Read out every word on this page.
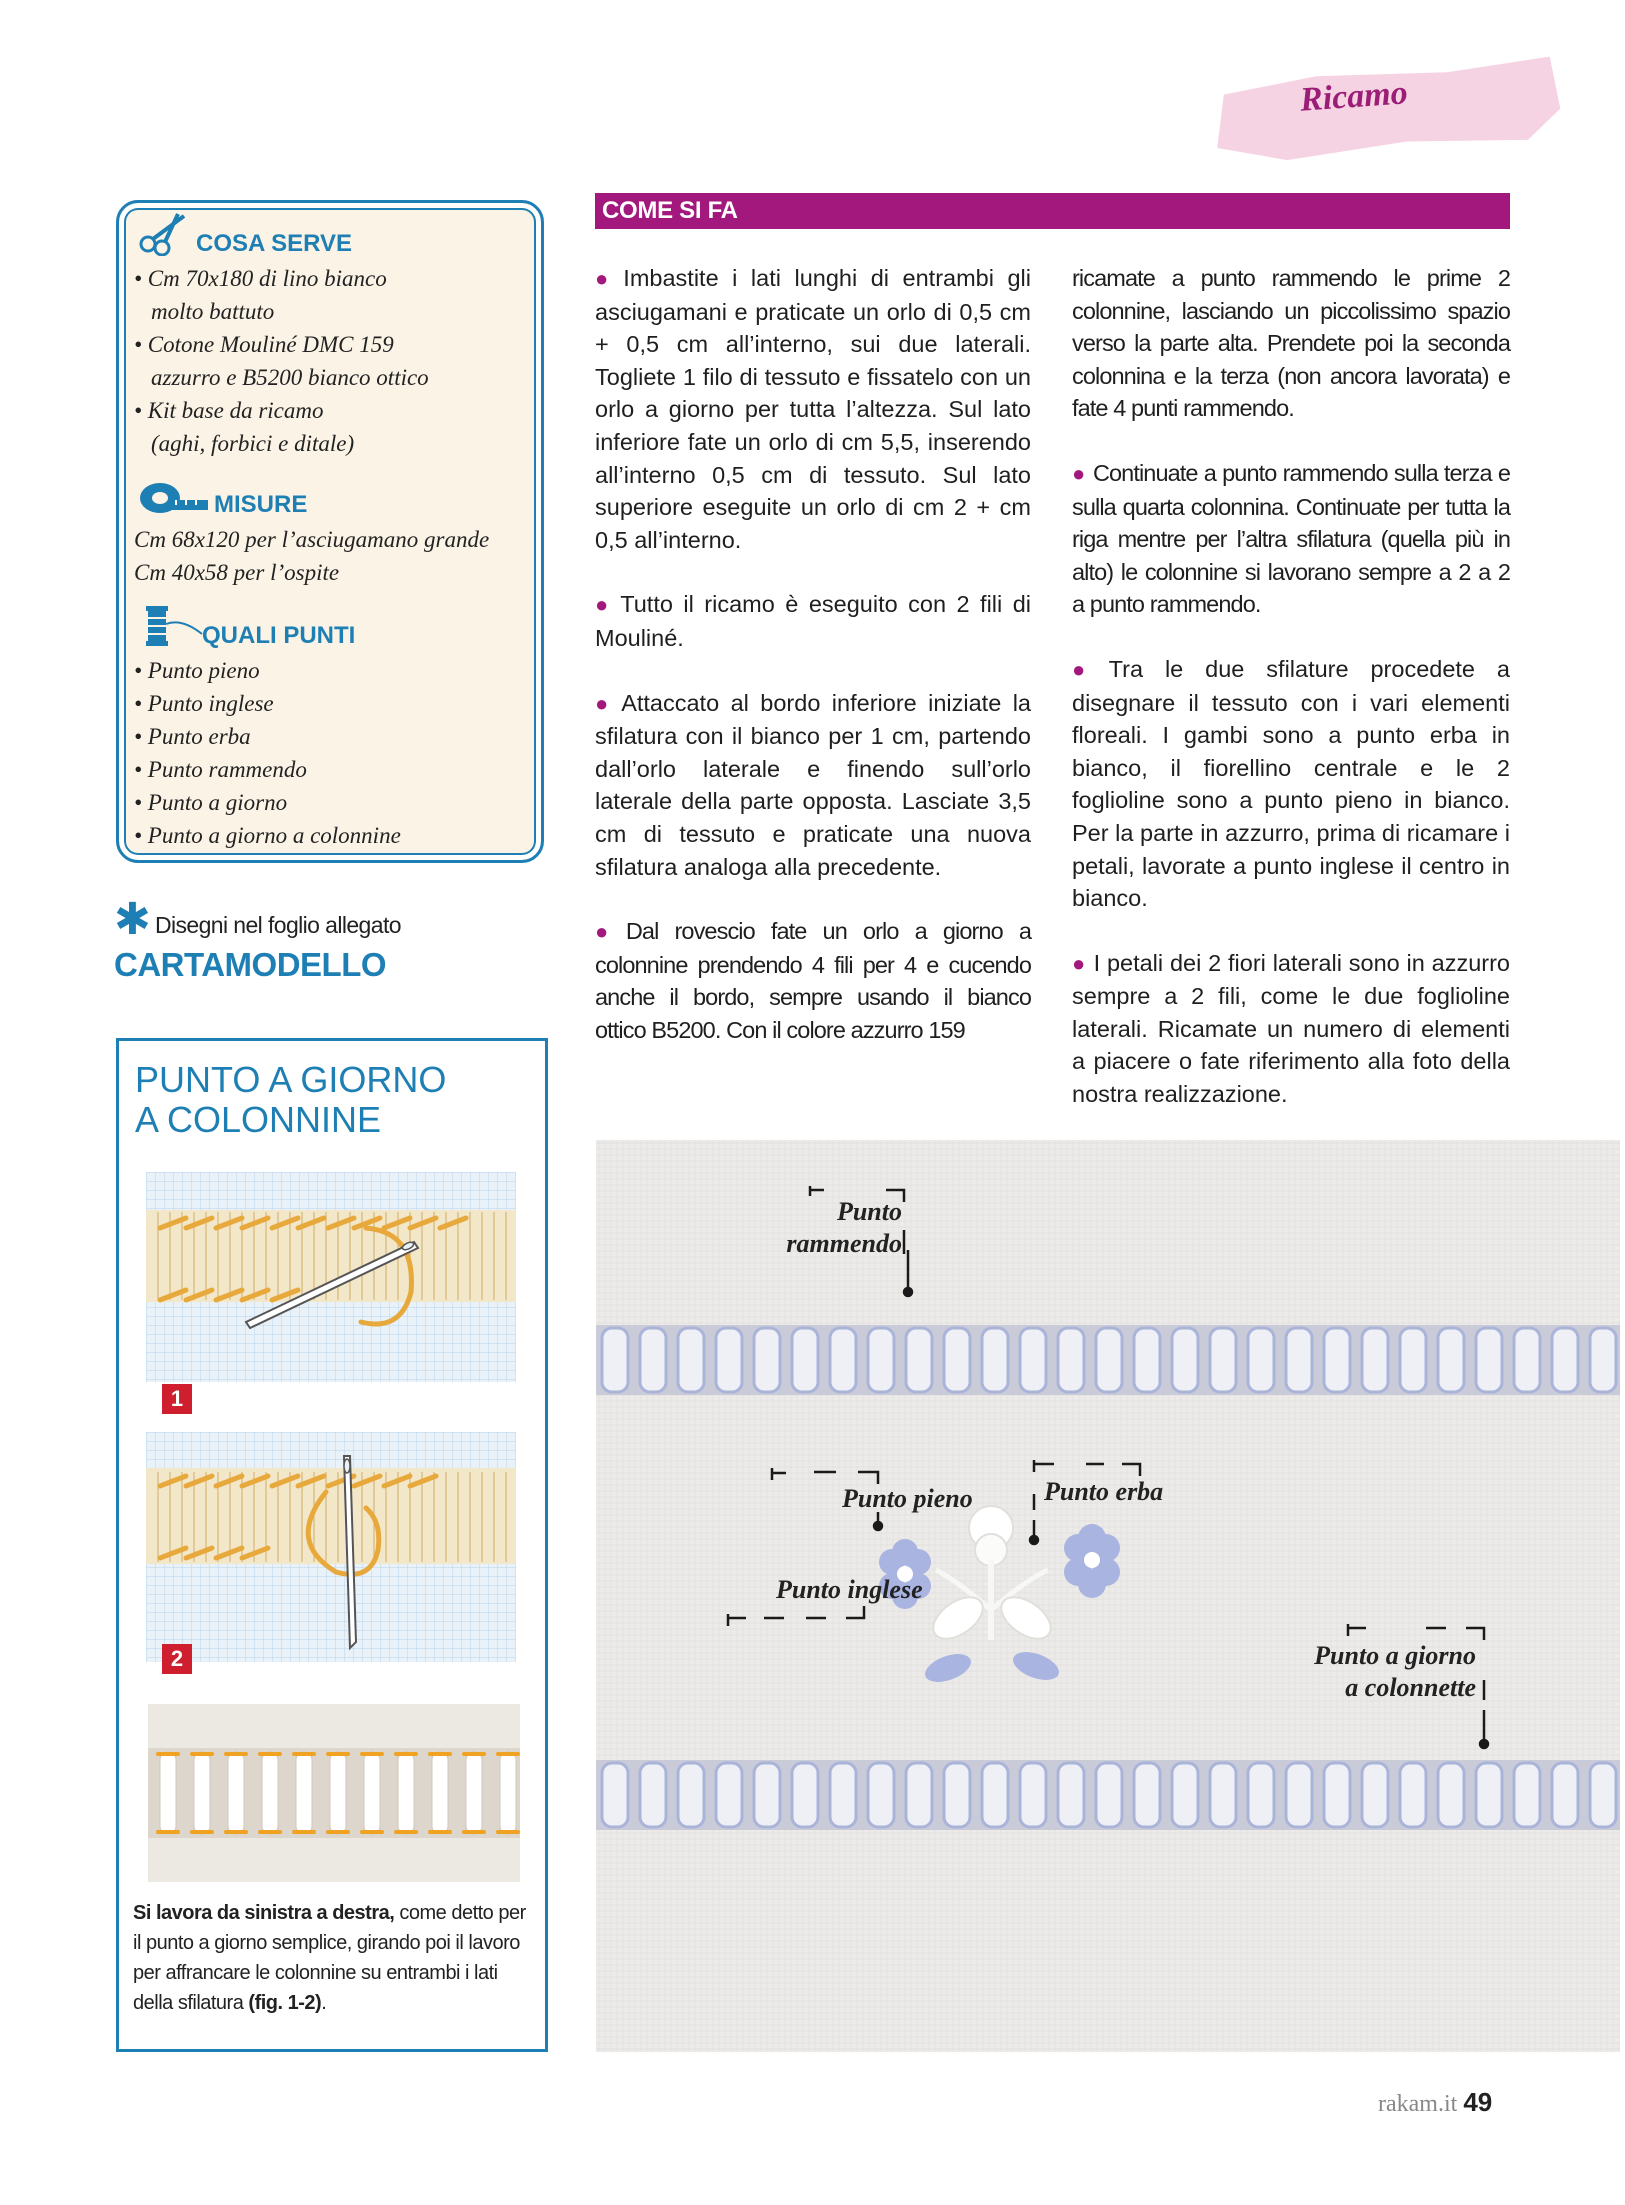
Ricamo
COSA SERVE
• Cm 70x180 di lino bianco
molto battuto
• Cotone Mouliné DMC 159
azzurro e B5200 bianco ottico
• Kit base da ricamo
(aghi, forbici e ditale)
MISURE
Cm 68x120 per l’asciugamano grande
Cm 40x58 per l’ospite
QUALI PUNTI
• Punto pieno
• Punto inglese
• Punto erba
• Punto rammendo
• Punto a giorno
• Punto a giorno a colonnine
✱ Disegni nel foglio allegato
CARTAMODELLO
PUNTO A GIORNO
A COLONNINE
1
2
Si lavora da sinistra a destra, come detto per il punto a giorno semplice, girando poi il lavoro per affrancare le colonnine su entrambi i lati della sfilatura (fig. 1-2).
COME SI FA

● Imbastite i lati lunghi di entrambi gli asciugamani e praticate un orlo di 0,5 cm + 0,5 cm all’interno, sui due laterali. Togliete 1 filo di tessuto e fissatelo con un orlo a giorno per tutta l’altezza. Sul lato inferiore fate un orlo di cm 5,5, inserendo all’interno 0,5 cm di tessuto. Sul lato superiore eseguite un orlo di cm 2 + cm 0,5 all’interno.

● Tutto il ricamo è eseguito con 2 fili di Mouliné.

● Attaccato al bordo inferiore iniziate la sfilatura con il bianco per 1 cm, partendo dall’orlo laterale e finendo sull’orlo laterale della parte opposta. Lasciate 3,5 cm di tessuto e praticate una nuova sfilatura analoga alla precedente.

● Dal rovescio fate un orlo a giorno a colonnine prendendo 4 fili per 4 e cucendo anche il bordo, sempre usando il bianco ottico B5200. Con il colore azzurro 159

ricamate a punto rammendo le prime 2 colonnine, lasciando un piccolissimo spazio verso la parte alta. Prendete poi la seconda colonnina e la terza (non ancora lavorata) e fate 4 punti rammendo.

● Continuate a punto rammendo sulla terza e sulla quarta colonnina. Continuate per tutta la riga mentre per l’altra sfilatura (quella più in alto) le colonnine si lavorano sempre a 2 a 2 a punto rammendo.

● Tra le due sfilature procedete a disegnare il tessuto con i vari elementi floreali. I gambi sono a punto erba in bianco, il fiorellino centrale e le 2 foglioline sono a punto pieno in bianco. Per la parte in azzurro, prima di ricamare i petali, lavorate a punto inglese il centro in bianco.

● I petali dei 2 fiori laterali sono in azzurro sempre a 2 fili, come le due foglioline laterali. Ricamate un numero di elementi a piacere o fate riferimento alla foto della nostra realizzazione.

Punto
rammendo
Punto pieno	Punto erba
Punto inglese
Punto a giorno
a colonnette
rakam.it 49
